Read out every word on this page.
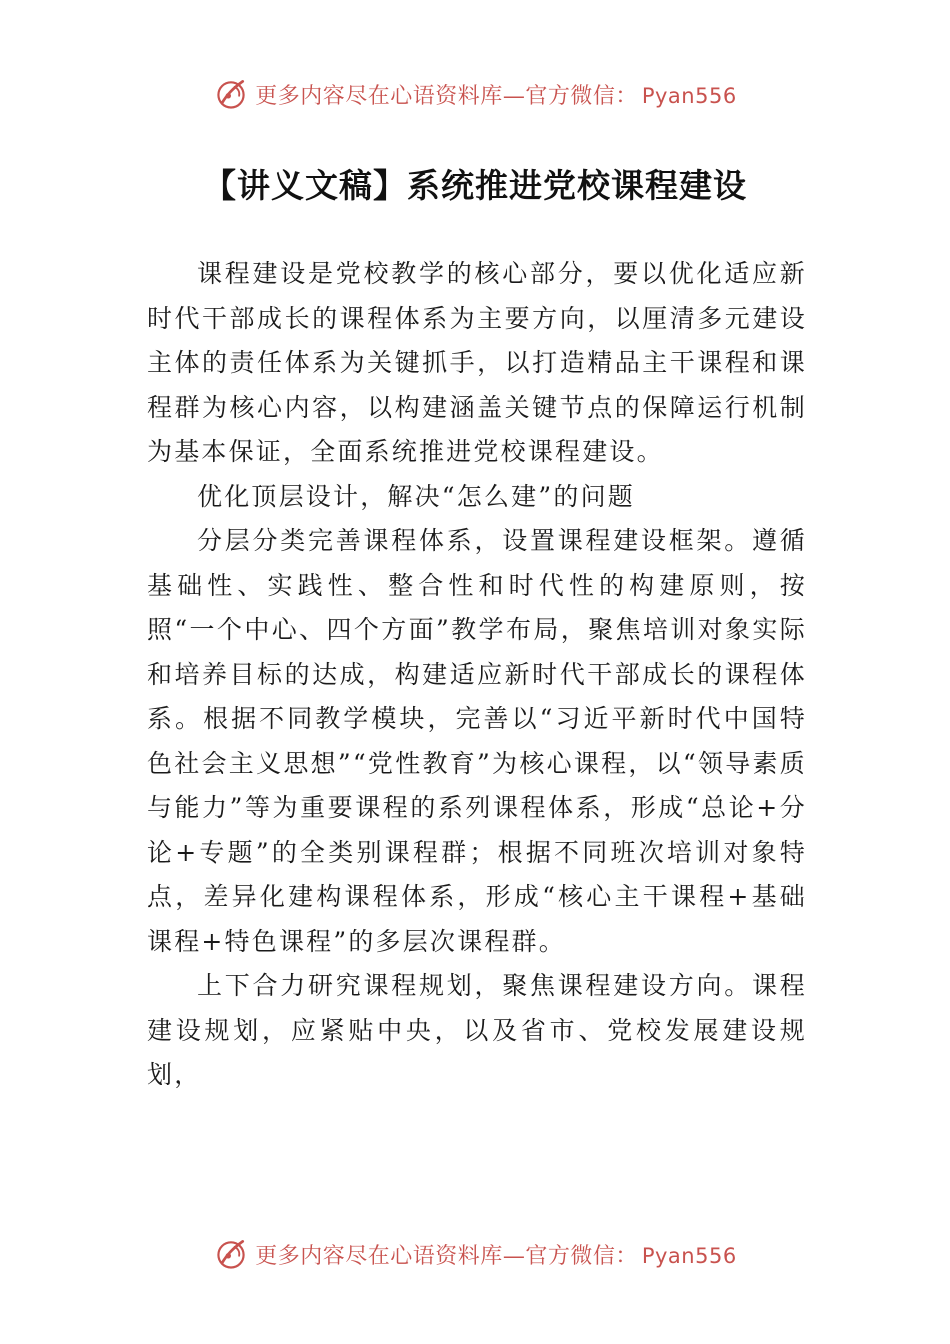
更多内容尽在心语资料库—官方微信： Pyan556
【讲义文稿】系统推进党校课程建设

课程建设是党校教学的核心部分，要以优化适应新时代干部成长的课程体系为主要方向，以厘清多元建设主体的责任体系为关键抓手，以打造精品主干课程和课程群为核心内容，以构建涵盖关键节点的保障运行机制为基本保证，全面系统推进党校课程建设。

优化顶层设计，解决“怎么建”的问题

分层分类完善课程体系，设置课程建设框架。遵循基础性、实践性、整合性和时代性的构建原则，按照“一个中心、四个方面”教学布局，聚焦培训对象实际和培养目标的达成，构建适应新时代干部成长的课程体系。根据不同教学模块，完善以“习近平新时代中国特色社会主义思想”“党性教育”为核心课程，以“领导素质与能力”等为重要课程的系列课程体系，形成“总论+分论+专题”的全类别课程群；根据不同班次培训对象特点，差异化建构课程体系，形成“核心主干课程+基础课程+特色课程”的多层次课程群。

上下合力研究课程规划，聚焦课程建设方向。课程建设规划，应紧贴中央，以及省市、党校发展建设规划，

更多内容尽在心语资料库—官方微信： Pyan556
